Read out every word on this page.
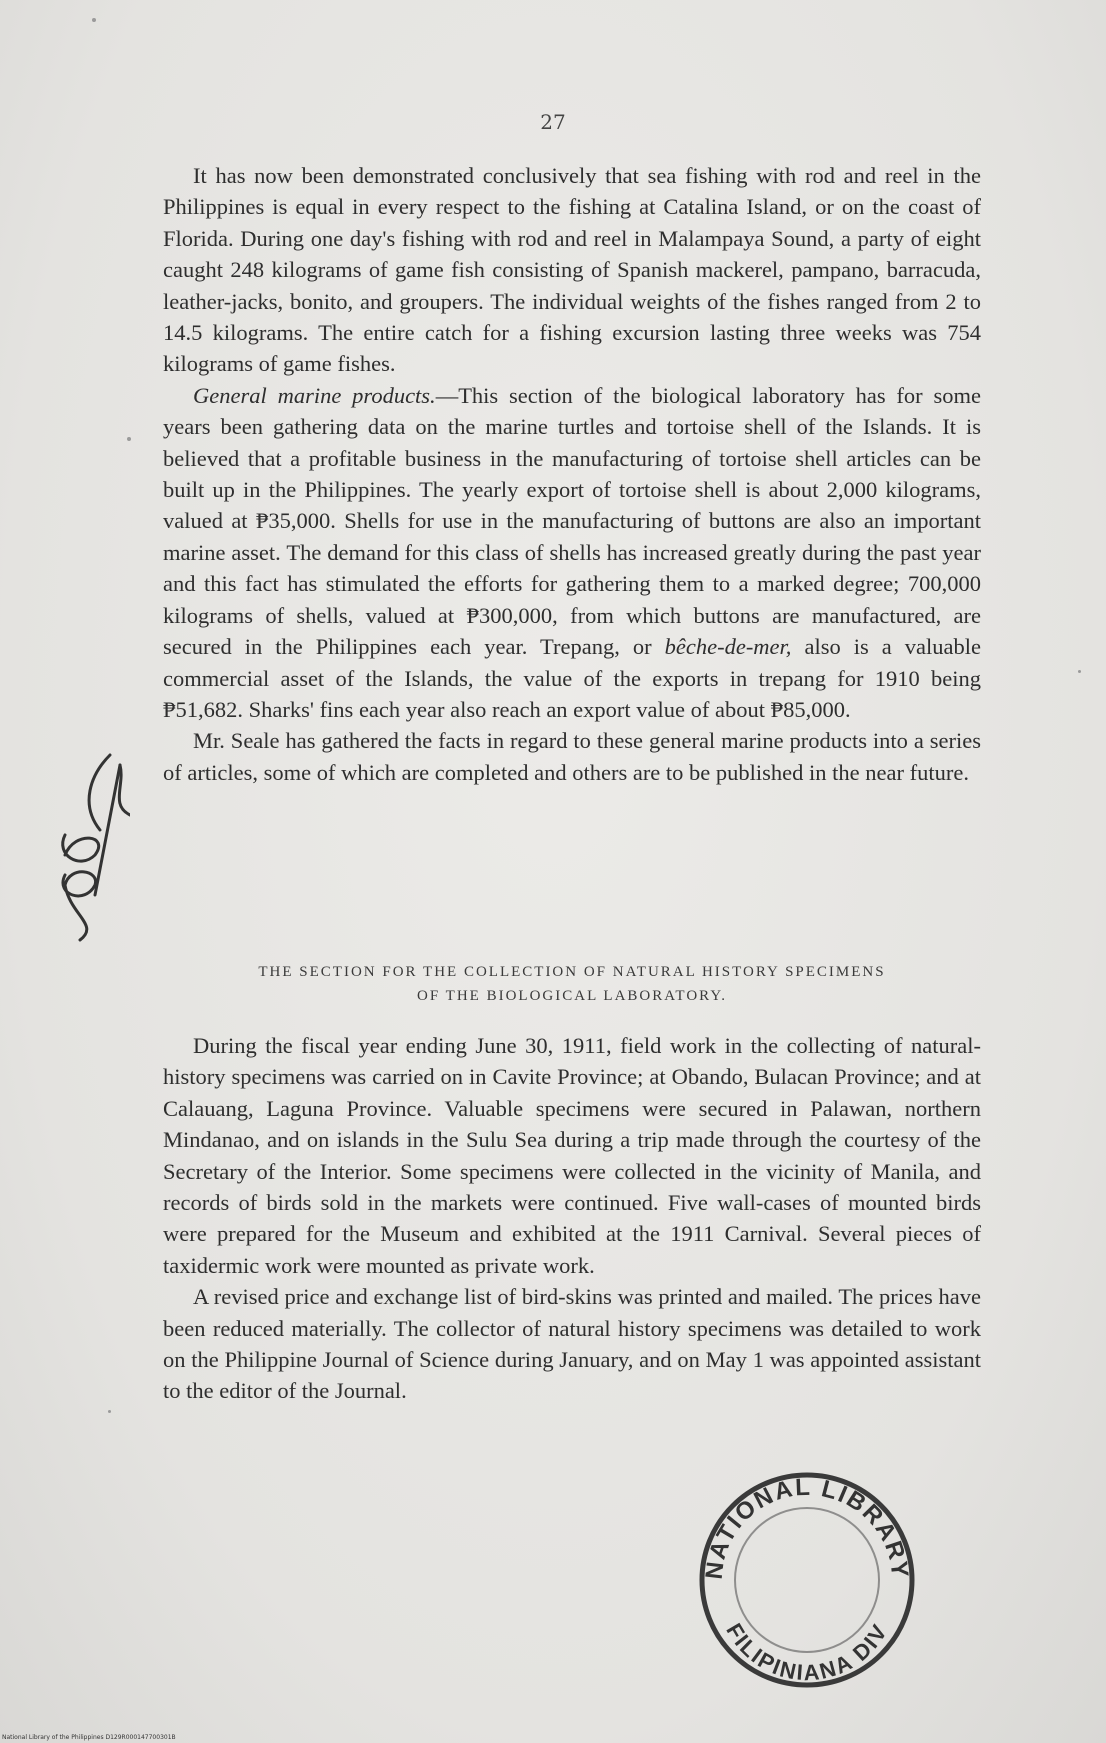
27

It has now been demonstrated conclusively that sea fishing with rod and reel in the Philippines is equal in every respect to the fishing at Catalina Island, or on the coast of Florida. During one day's fishing with rod and reel in Malampaya Sound, a party of eight caught 248 kilograms of game fish consisting of Spanish mackerel, pampano, barracuda, leather-jacks, bonito, and groupers. The individual weights of the fishes ranged from 2 to 14.5 kilograms. The entire catch for a fishing excursion lasting three weeks was 754 kilograms of game fishes.

General marine products.—This section of the biological laboratory has for some years been gathering data on the marine turtles and tortoise shell of the Islands. It is believed that a profitable business in the manufacturing of tortoise shell articles can be built up in the Philippines. The yearly export of tortoise shell is about 2,000 kilograms, valued at ₱35,000. Shells for use in the manufacturing of buttons are also an important marine asset. The demand for this class of shells has increased greatly during the past year and this fact has stimulated the efforts for gathering them to a marked degree; 700,000 kilograms of shells, valued at ₱300,000, from which buttons are manufactured, are secured in the Philippines each year. Trepang, or bêche-de-mer, also is a valuable commercial asset of the Islands, the value of the exports in trepang for 1910 being ₱51,682. Sharks' fins each year also reach an export value of about ₱85,000.

Mr. Seale has gathered the facts in regard to these general marine products into a series of articles, some of which are completed and others are to be published in the near future.

THE SECTION FOR THE COLLECTION OF NATURAL HISTORY SPECIMENS
OF THE BIOLOGICAL LABORATORY.

During the fiscal year ending June 30, 1911, field work in the collecting of natural-history specimens was carried on in Cavite Province; at Obando, Bulacan Province; and at Calauang, Laguna Province. Valuable specimens were secured in Palawan, northern Mindanao, and on islands in the Sulu Sea during a trip made through the courtesy of the Secretary of the Interior. Some specimens were collected in the vicinity of Manila, and records of birds sold in the markets were continued. Five wall-cases of mounted birds were prepared for the Museum and exhibited at the 1911 Carnival. Several pieces of taxidermic work were mounted as private work.

A revised price and exchange list of bird-skins was printed and mailed. The prices have been reduced materially. The collector of natural history specimens was detailed to work on the Philippine Journal of Science during January, and on May 1 was appointed assistant to the editor of the Journal.

NATIONAL LIBRARY
FILIPINIANA DIV
National Library of the Philippines D129R000147700301B
